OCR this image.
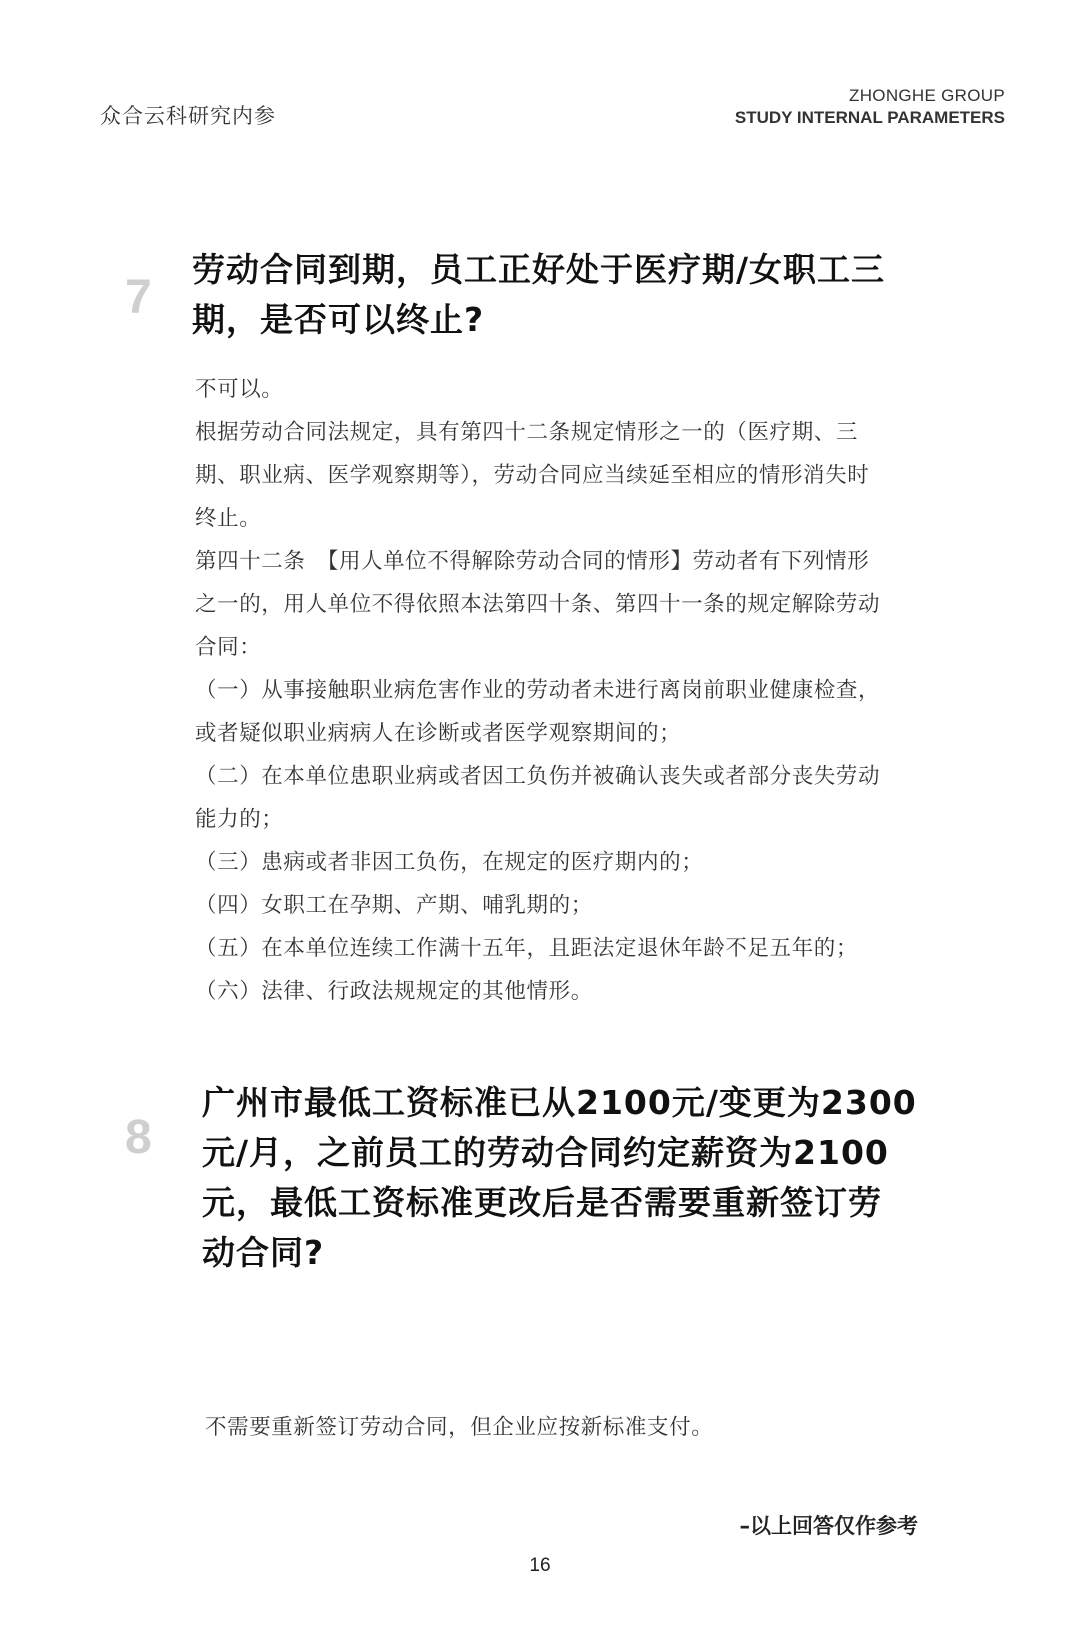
众合云科研究内参
ZHONGHE GROUP
STUDY INTERNAL PARAMETERS
7
劳动合同到期，员工正好处于医疗期/女职工三
期，是否可以终止?

不可以。

根据劳动合同法规定，具有第四十二条规定情形之一的（医疗期、三

期、职业病、医学观察期等），劳动合同应当续延至相应的情形消失时

终止。

第四十二条　【用人单位不得解除劳动合同的情形】劳动者有下列情形

之一的，用人单位不得依照本法第四十条、第四十一条的规定解除劳动

合同：

（一）从事接触职业病危害作业的劳动者未进行离岗前职业健康检查，

或者疑似职业病病人在诊断或者医学观察期间的；

（二）在本单位患职业病或者因工负伤并被确认丧失或者部分丧失劳动

能力的；

（三）患病或者非因工负伤，在规定的医疗期内的；

（四）女职工在孕期、产期、哺乳期的；

（五）在本单位连续工作满十五年，且距法定退休年龄不足五年的；

（六）法律、行政法规规定的其他情形。

8
广州市最低工资标准已从2100元/变更为2300
元/月，之前员工的劳动合同约定薪资为2100
元，最低工资标准更改后是否需要重新签订劳
动合同?
不需要重新签订劳动合同，但企业应按新标准支付。
–以上回答仅作参考
16
